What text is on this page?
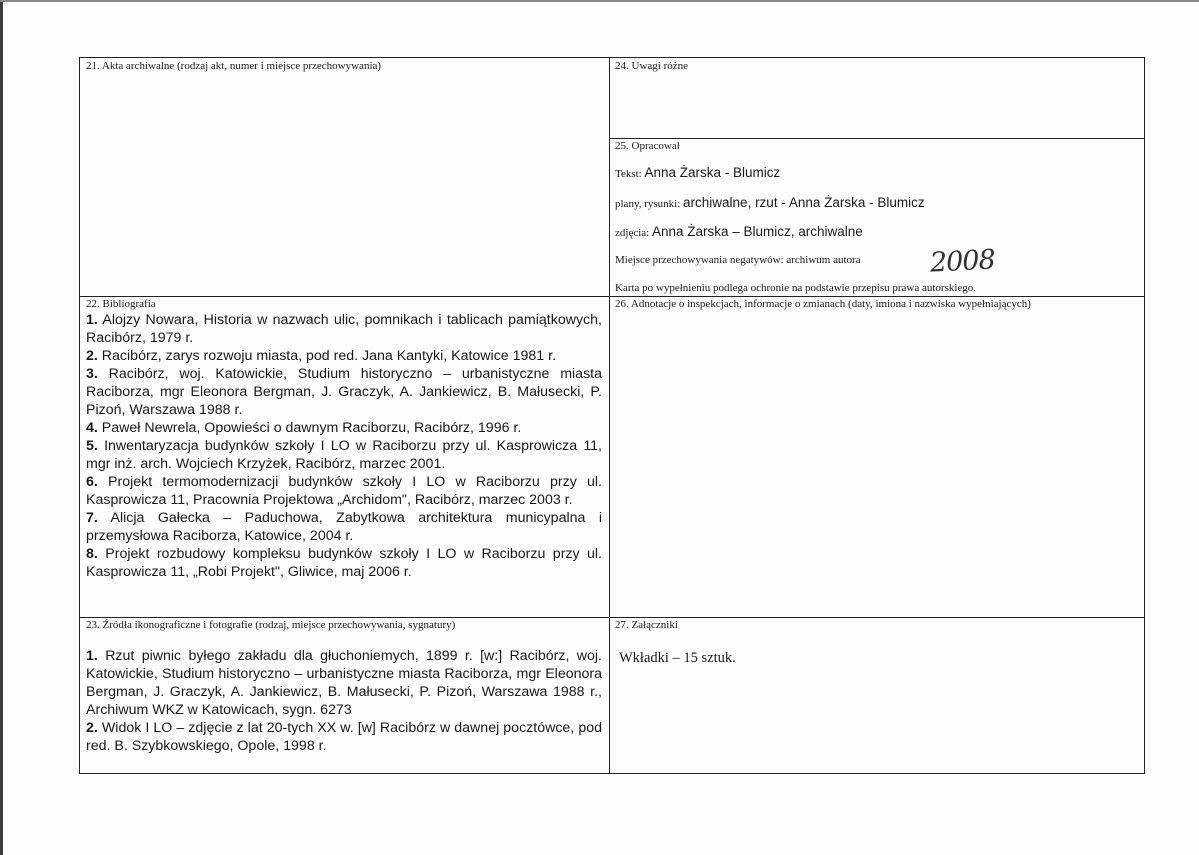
21. Akta archiwalne (rodzaj akt, numer i miejsce przechowywania)	24. Uwagi różne

25. Opracował

Tekst: Anna Żarska - Blumicz
plany, rysunki: archiwalne, rzut - Anna Żarska - Blumicz
zdjęcia: Anna Żarska – Blumicz, archiwalne
Miejsce przechowywania negatywów: archiwum autora
Karta po wypełnieniu podlega ochronie na podstawie przepisu prawa autorskiego.
2008

22. Bibliografia

1. Alojzy Nowara, Historia w nazwach ulic, pomnikach i tablicach pamiątkowych, Racibórz, 1979 r.

2. Racibórz, zarys rozwoju miasta, pod red. Jana Kantyki, Katowice 1981 r.

3. Racibórz, woj. Katowickie, Studium historyczno – urbanistyczne miasta Raciborza, mgr Eleonora Bergman, J. Graczyk, A. Jankiewicz, B. Małusecki, P. Pizoń, Warszawa 1988 r.

4. Paweł Newrela, Opowieści o dawnym Raciborzu, Racibórz, 1996 r.

5. Inwentaryzacja budynków szkoły I LO w Raciborzu przy ul. Kasprowicza 11, mgr inż. arch. Wojciech Krzyżek, Racibórz, marzec 2001.

6. Projekt termomodernizacji budynków szkoły I LO w Raciborzu przy ul. Kasprowicza 11, Pracownia Projektowa „Archidom", Racibórz, marzec 2003 r.

7. Alicja Gałecka – Paduchowa, Zabytkowa architektura municypalna i przemysłowa Raciborza, Katowice, 2004 r.

8. Projekt rozbudowy kompleksu budynków szkoły I LO w Raciborzu przy ul. Kasprowicza 11, „Robi Projekt", Gliwice, maj 2006 r.

26. Adnotacje o inspekcjach, informacje o zmianach (daty, imiona i nazwiska wypełniających)

23. Źródła ikonograficzne i fotografie (rodzaj, miejsce przechowywania, sygnatury)

1. Rzut piwnic byłego zakładu dla głuchoniemych, 1899 r. [w:] Racibórz, woj. Katowickie, Studium historyczno – urbanistyczne miasta Raciborza, mgr Eleonora Bergman, J. Graczyk, A. Jankiewicz, B. Małusecki, P. Pizoń, Warszawa 1988 r., Archiwum WKZ w Katowicach, sygn. 6273

2. Widok I LO – zdjęcie z lat 20-tych XX w. [w] Racibórz w dawnej pocztówce, pod red. B. Szybkowskiego, Opole, 1998 r.

27. Załączniki

Wkładki – 15 sztuk.
